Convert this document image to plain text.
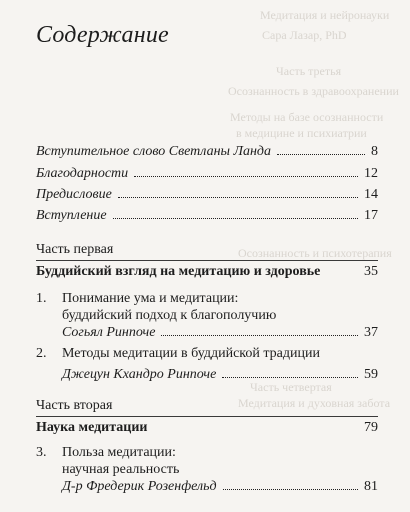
Медитация и нейронауки
Сара Лазар, PhD
Часть третья
Осознанность в здравоохранении
Методы на базе осознанности
в медицине и психиатрии
Осознанность и психотерапия
Часть четвертая
Медитация и духовная забота
Содержание
Вступительное слово Светланы Ланда	8
Благодарности	12
Предисловие	14
Вступление	17
Часть первая
Буддийский взгляд на медитацию и здоровье	35
1. Понимание ума и медитации:
буддийский подход к благополучию
Согьял Ринпоче	37
2. Методы медитации в буддийской традиции
Джецун Кхандро Ринпоче	59
Часть вторая
Наука медитации	79
3. Польза медитации:
научная реальность
Д-р Фредерик Розенфельд	81
